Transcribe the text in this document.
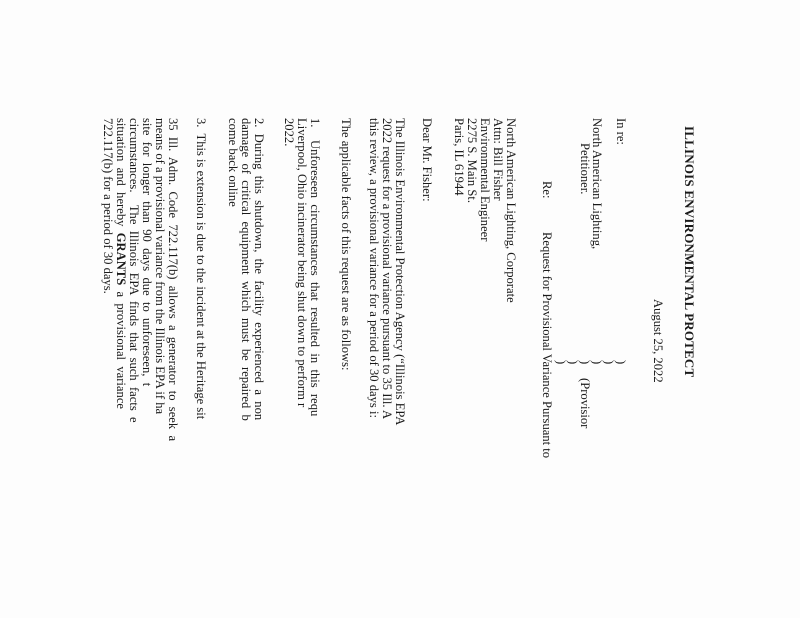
ILLINOIS ENVIRONMENTAL PROTECT
August 25, 2022
In re:
)
)
)
North American Lighting,
)
(Provisior
Petitioner.
)
)
Re:
Request for Provisional Variance Pursuant to
North American Lighting, Corporate
Attn: Bill Fisher
Environmental Engineer
2275 S. Main St.
Paris, IL 61944
Dear Mr. Fisher:
The Illinois Environmental Protection Agency (“Illinois EPA
2022 request for a provisional variance pursuant to 35 Ill. A
this review, a provisional variance for a period of 30 days i:
The applicable facts of this request are as follows:
1.    Unforeseen  circumstances  that  resulted  in  this  requ
Liverpool, Ohio incinerator being shut down to perform r
2022.
2.  During  this  shutdown,  the  facility  experienced  a  non
damage  of  critical  equipment  which  must  be  repaired  b
come back online
3.  This is extension is due to the incident at the Heritage sit
35  Ill.  Adm.  Code  722.117(b)  allows  a  generator  to  seek  a
means of a provisional variance from the Illinois EPA if ha
site  for  longer  than  90  days  due  to  unforeseen,  t
circumstances.    The  Illinois  EPA  finds  that  such  facts  e
situation  and  hereby  GRANTS  a  provisional  variance
722.117(b) for a period of 30 days.
